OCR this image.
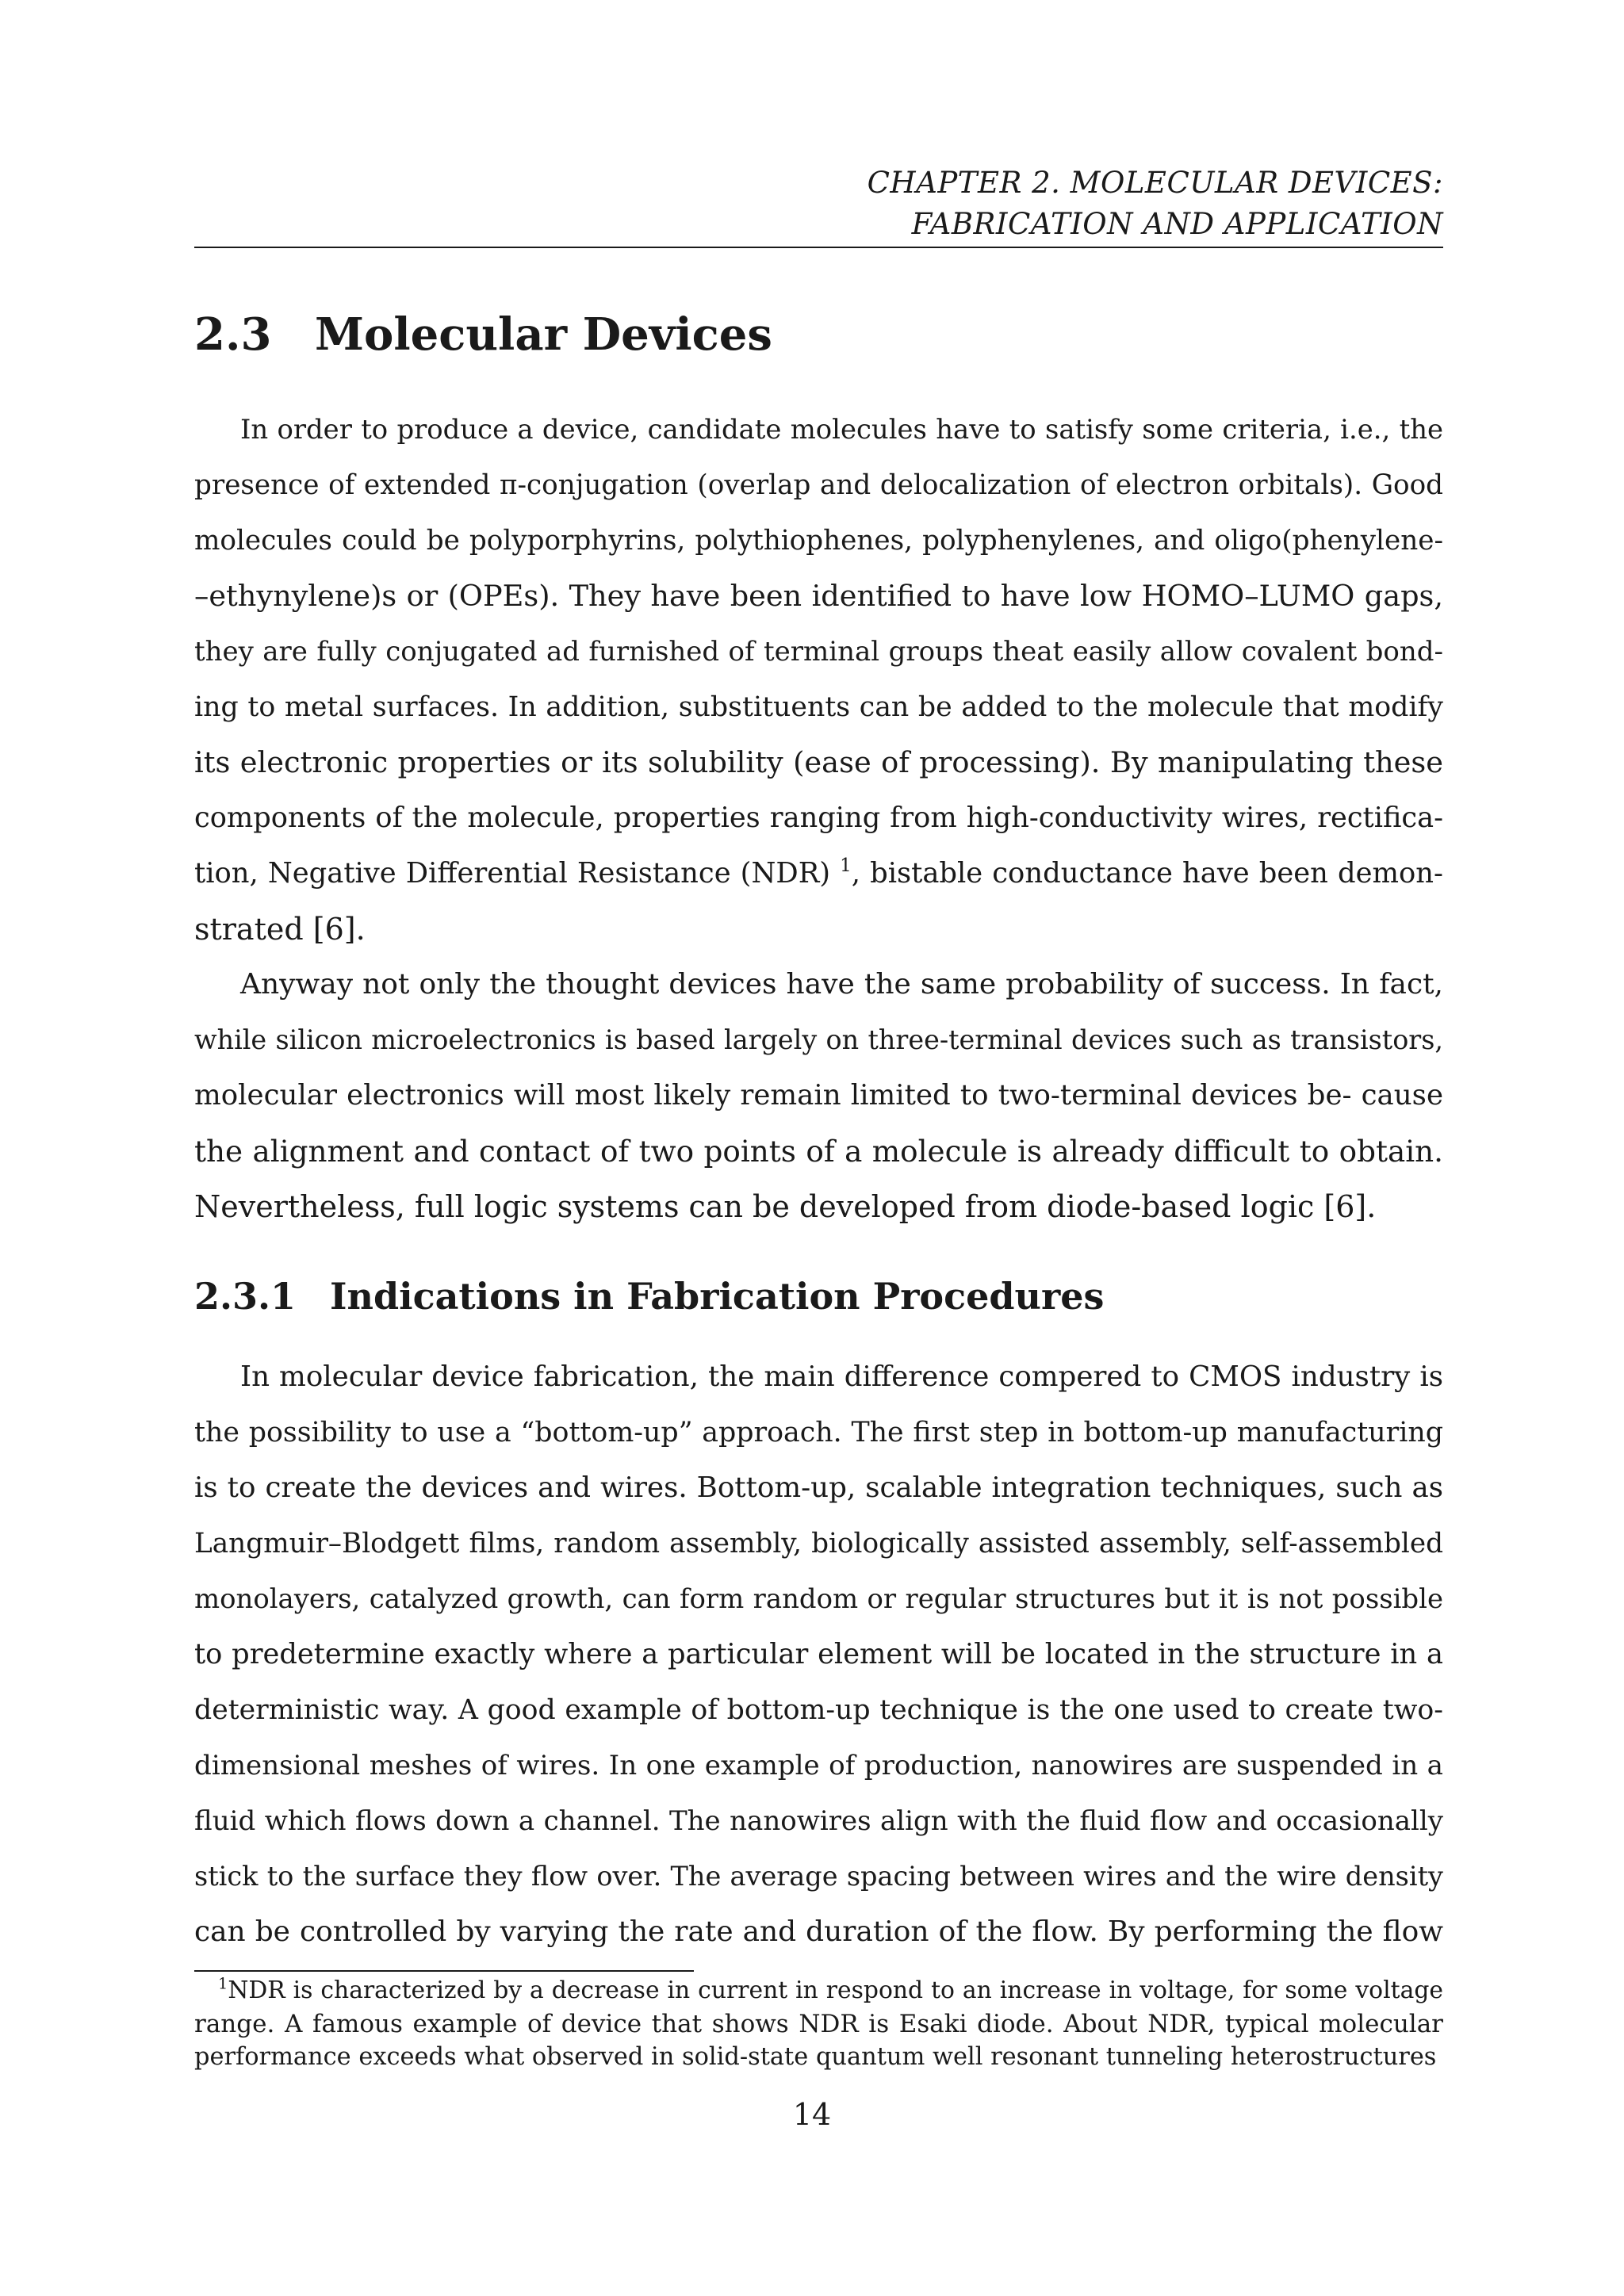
CHAPTER 2. MOLECULAR DEVICES:
FABRICATION AND APPLICATION
2.3 Molecular Devices
In order to produce a device, candidate molecules have to satisfy some criteria, i.e., the
presence of extended π-conjugation (overlap and delocalization of electron orbitals). Good
molecules could be polyporphyrins, polythiophenes, polyphenylenes, and oligo(phenylene-
–ethynylene)s or (OPEs). They have been identified to have low HOMO–LUMO gaps,
they are fully conjugated ad furnished of terminal groups theat easily allow covalent bond-
ing to metal surfaces. In addition, substituents can be added to the molecule that modify
its electronic properties or its solubility (ease of processing). By manipulating these
components of the molecule, properties ranging from high-conductivity wires, rectifica-
tion, Negative Differential Resistance (NDR) $^1$, bistable conductance have been demon-
strated [6].
Anyway not only the thought devices have the same probability of success. In fact,
while silicon microelectronics is based largely on three-terminal devices such as transistors,
molecular electronics will most likely remain limited to two-terminal devices be- cause
the alignment and contact of two points of a molecule is already difficult to obtain.
Nevertheless, full logic systems can be developed from diode-based logic [6].
2.3.1 Indications in Fabrication Procedures
In molecular device fabrication, the main difference compered to CMOS industry is
the possibility to use a “bottom-up” approach. The first step in bottom-up manufacturing
is to create the devices and wires. Bottom-up, scalable integration techniques, such as
Langmuir–Blodgett films, random assembly, biologically assisted assembly, self-assembled
monolayers, catalyzed growth, can form random or regular structures but it is not possible
to predetermine exactly where a particular element will be located in the structure in a
deterministic way. A good example of bottom-up technique is the one used to create two-
dimensional meshes of wires. In one example of production, nanowires are suspended in a
fluid which flows down a channel. The nanowires align with the fluid flow and occasionally
stick to the surface they flow over. The average spacing between wires and the wire density
can be controlled by varying the rate and duration of the flow. By performing the flow
$^1$NDR is characterized by a decrease in current in respond to an increase in voltage, for some voltage
range. A famous example of device that shows NDR is Esaki diode. About NDR, typical molecular
performance exceeds what observed in solid-state quantum well resonant tunneling heterostructures
14
